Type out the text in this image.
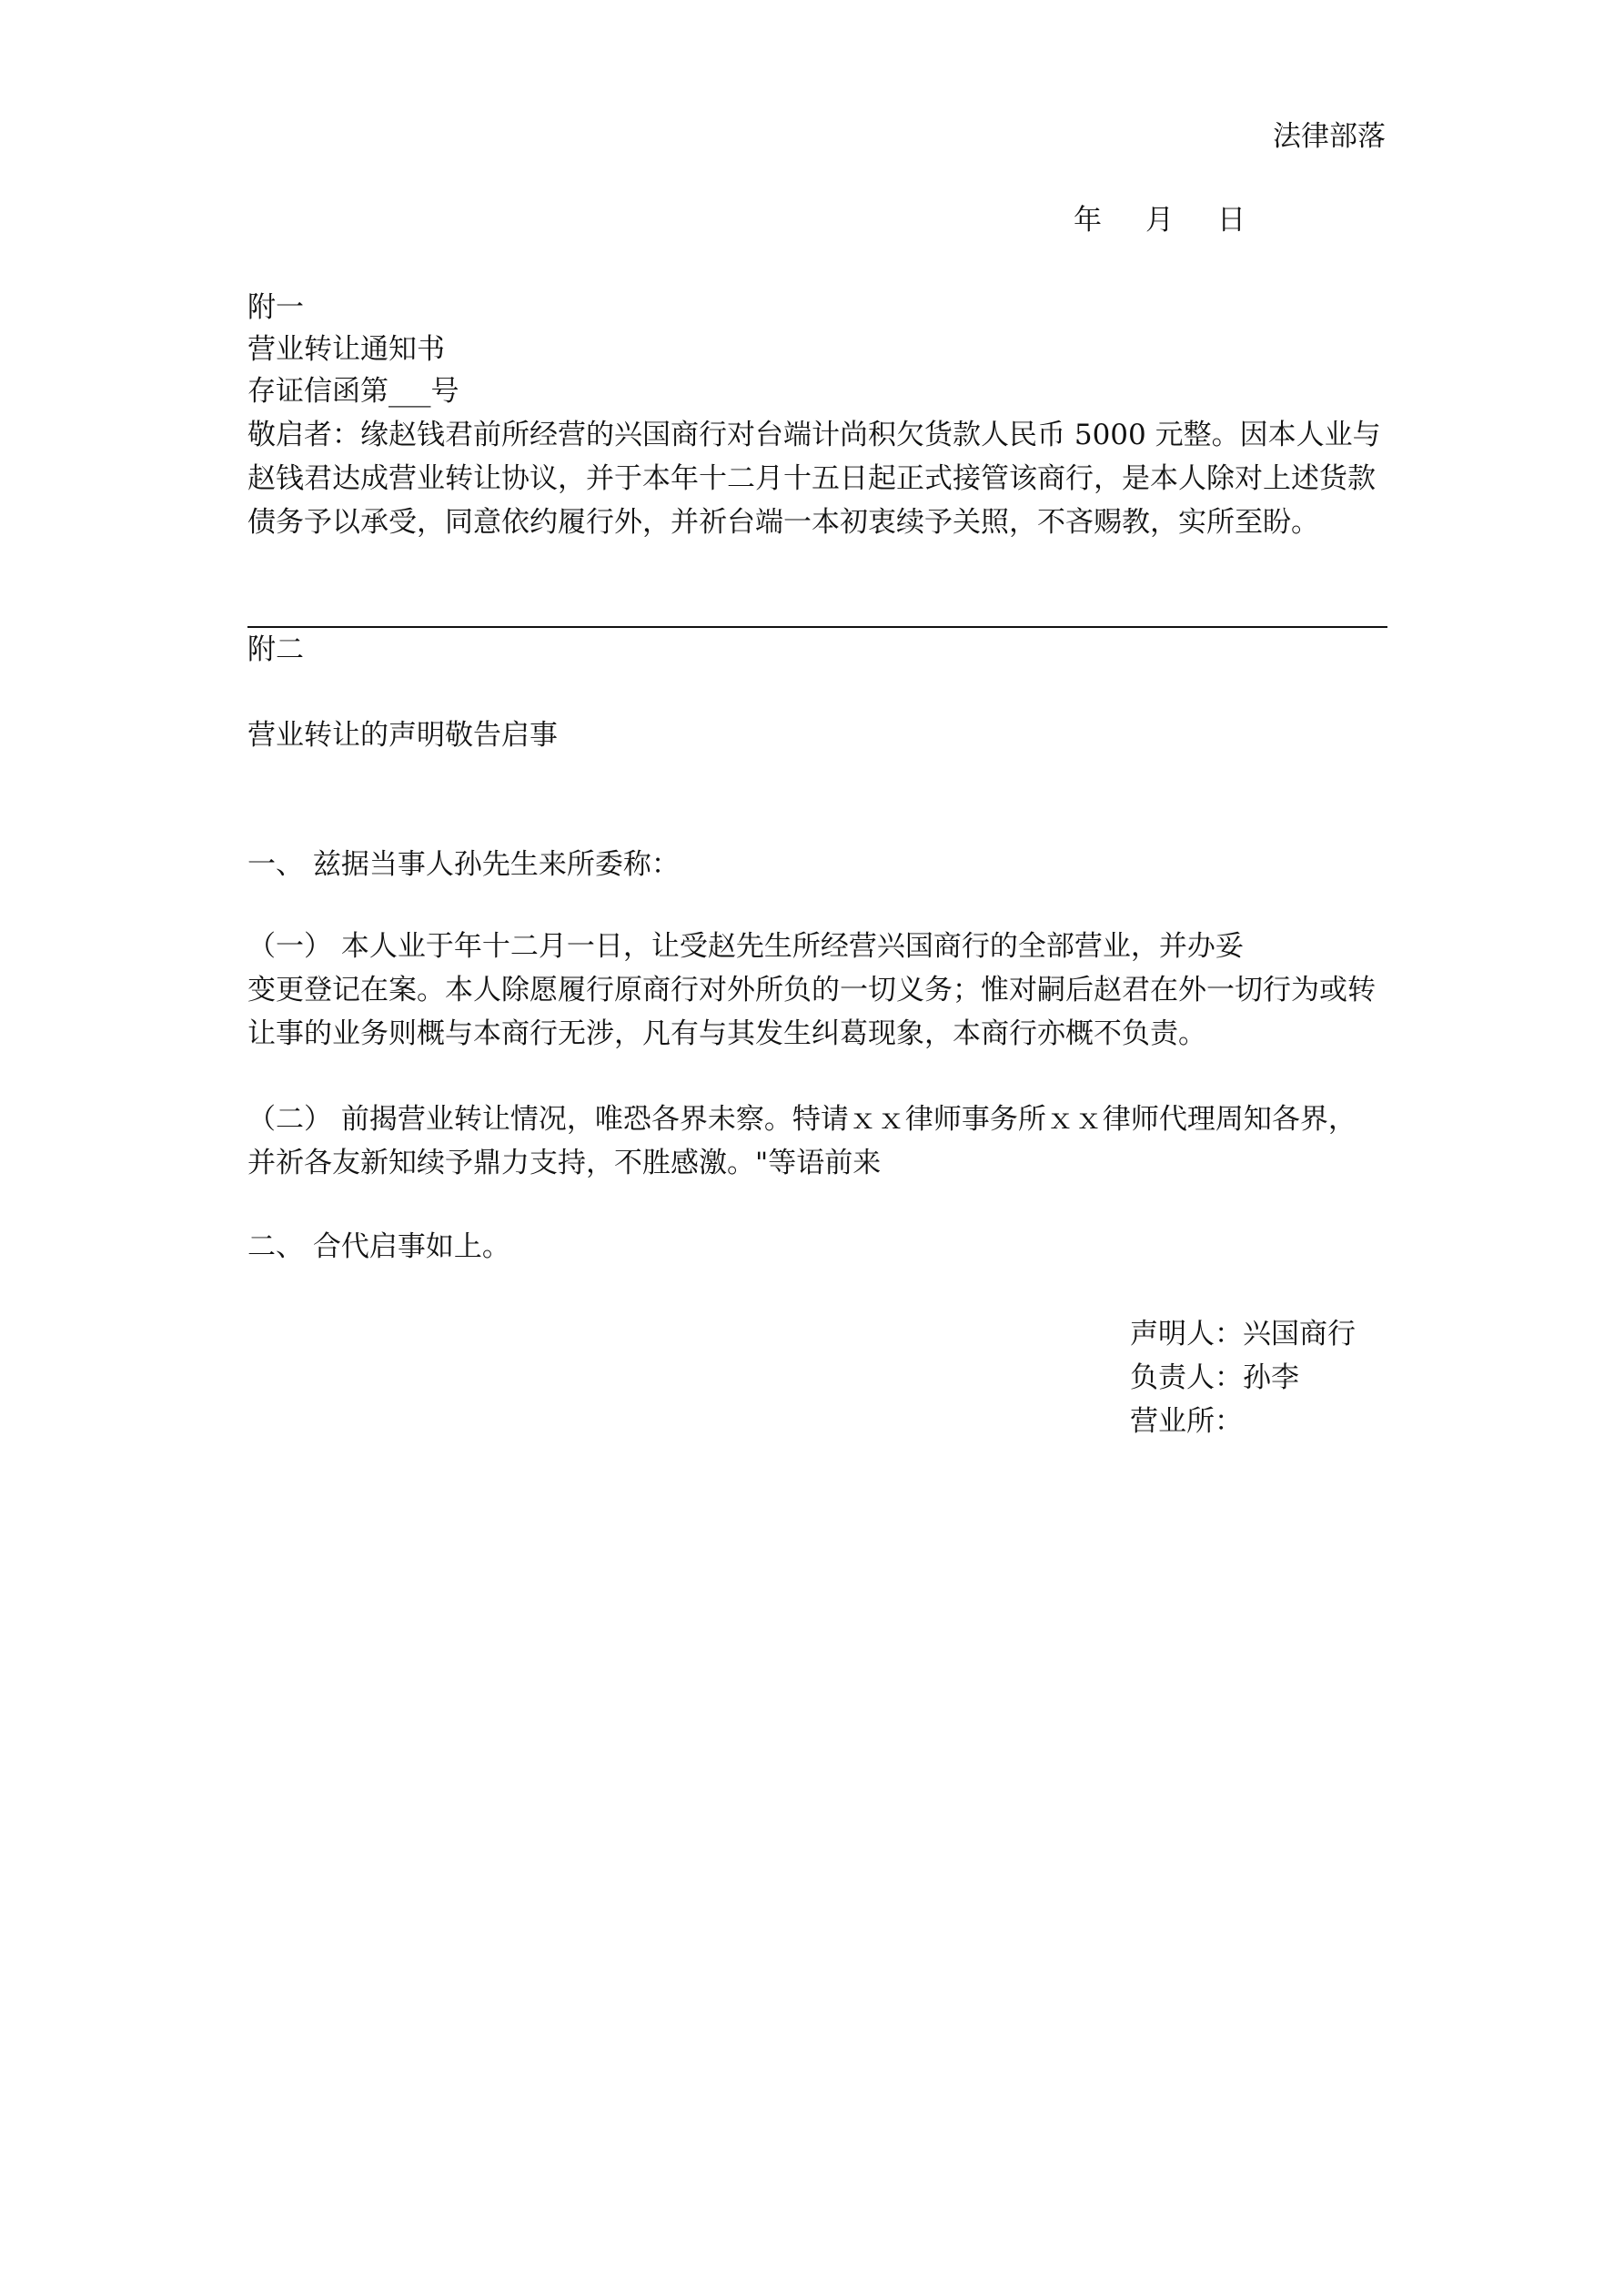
法律部落
年 月 日
附一
营业转让通知书
存证信函第___号
敬启者：缘赵钱君前所经营的兴国商行对台端计尚积欠货款人民币 5000 元整。因本人业与
赵钱君达成营业转让协议，并于本年十二月十五日起正式接管该商行，是本人除对上述货款
债务予以承受，同意依约履行外，并祈台端一本初衷续予关照，不吝赐教，实所至盼。
附二
营业转让的声明敬告启事
一、 兹据当事人孙先生来所委称：
（一） 本人业于年十二月一日，让受赵先生所经营兴国商行的全部营业，并办妥
变更登记在案。本人除愿履行原商行对外所负的一切义务；惟对嗣后赵君在外一切行为或转
让事的业务则概与本商行无涉，凡有与其发生纠葛现象，本商行亦概不负责。
（二） 前揭营业转让情况，唯恐各界未察。特请ｘｘ律师事务所ｘｘ律师代理周知各界，
并祈各友新知续予鼎力支持，不胜感激。"等语前来
二、 合代启事如上。
声明人：兴国商行
负责人：孙李
营业所：
